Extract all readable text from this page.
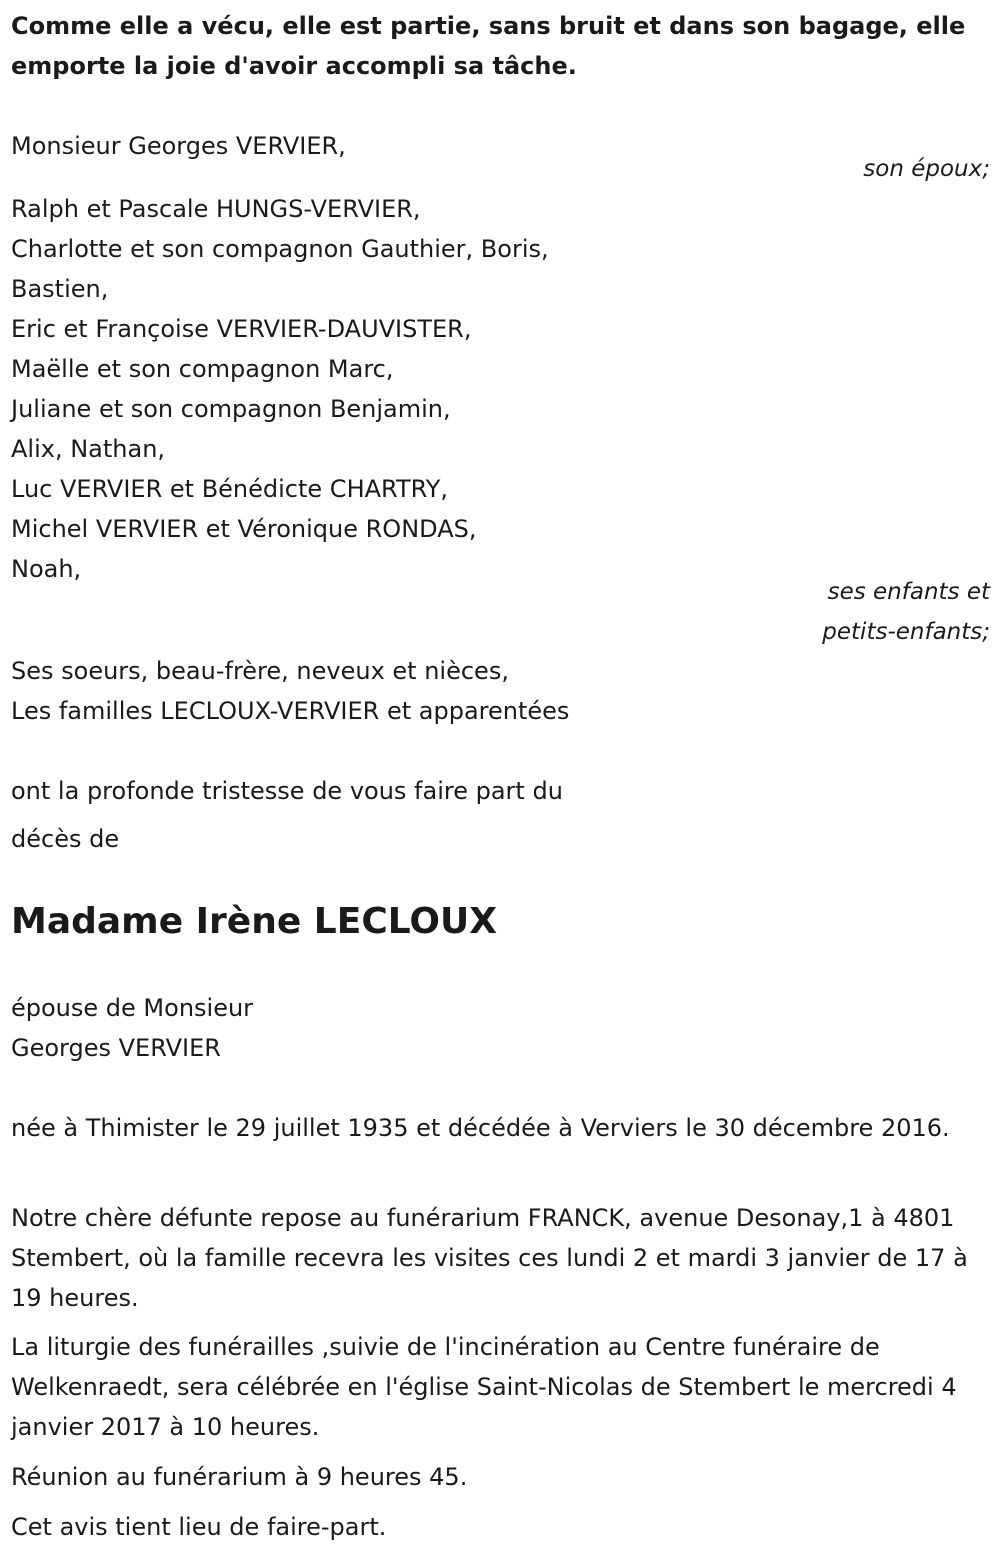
Comme elle a vécu, elle est partie, sans bruit et dans son bagage, elle emporte la joie d'avoir accompli sa tâche.

Monsieur Georges VERVIER,

son époux;

Ralph et Pascale HUNGS-VERVIER,

Charlotte et son compagnon Gauthier, Boris,

Bastien,

Eric et Françoise VERVIER-DAUVISTER,

Maëlle et son compagnon Marc,

Juliane et son compagnon Benjamin,

Alix, Nathan,

Luc VERVIER et Bénédicte CHARTRY,

Michel VERVIER et Véronique RONDAS,

Noah,

ses enfants et
petits-enfants;

Ses soeurs, beau-frère, neveux et nièces,

Les familles LECLOUX-VERVIER et apparentées

ont la profonde tristesse de vous faire part du

décès de

Madame Irène LECLOUX

épouse de Monsieur

Georges VERVIER

née à Thimister le 29 juillet 1935 et décédée à Verviers le 30 décembre 2016.

Notre chère défunte repose au funérarium FRANCK, avenue Desonay,1 à 4801 Stembert, où la famille recevra les visites ces lundi 2 et mardi 3 janvier de 17 à 19 heures.

La liturgie des funérailles ,suivie de l'incinération au Centre funéraire de Welkenraedt, sera célébrée en l'église Saint-Nicolas de Stembert le mercredi 4 janvier 2017 à 10 heures.

Réunion au funérarium à 9 heures 45.

Cet avis tient lieu de faire-part.
